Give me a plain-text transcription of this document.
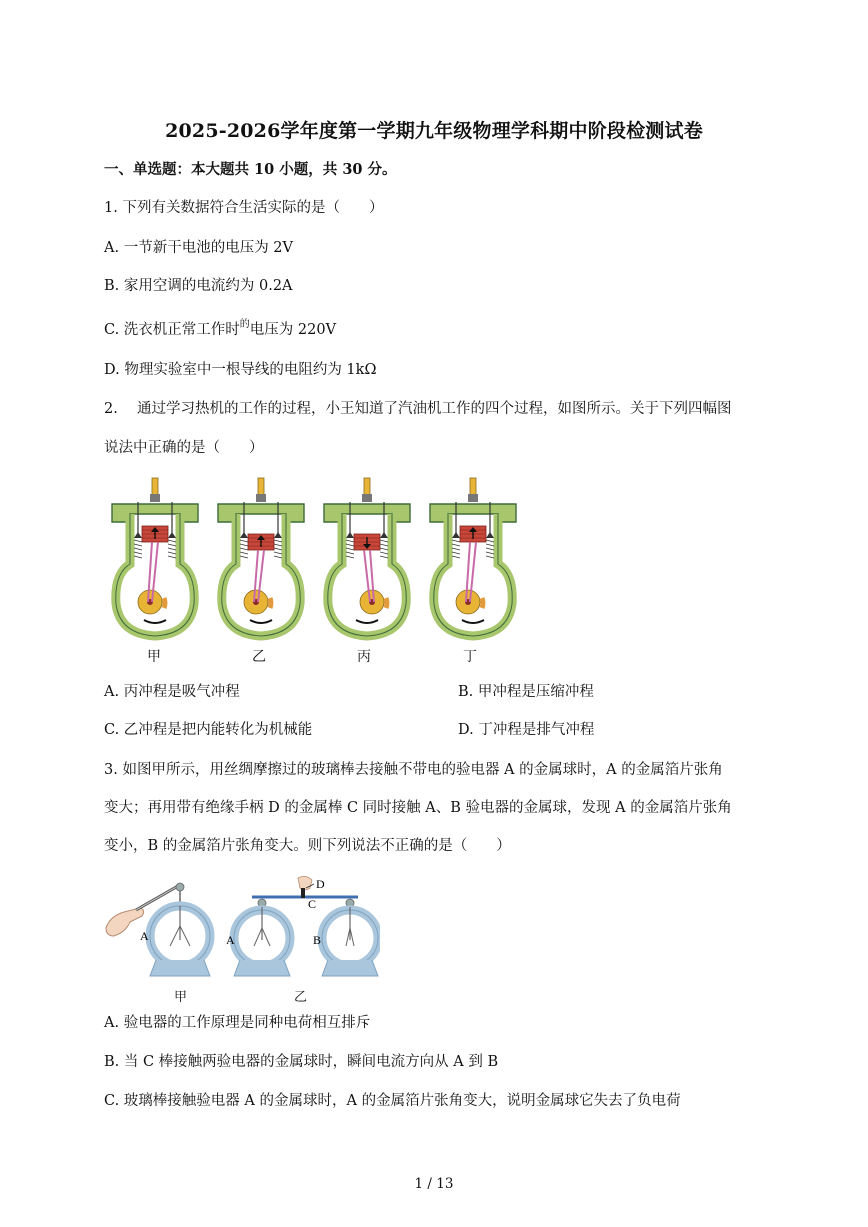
2025-2026学年度第一学期九年级物理学科期中阶段检测试卷
一、单选题：本大题共 10 小题，共 30 分。
1. 下列有关数据符合生活实际的是（　　）
A. 一节新干电池的电压为 2V
B. 家用空调的电流约为 0.2A
C. 洗衣机正常工作时$^的$电压为 220V
D. 物理实验室中一根导线的电阻约为 1kΩ
2.　 通过学习热机的工作的过程，小王知道了汽油机工作的四个过程，如图所示。关于下列四幅图
说法中正确的是（　　）
甲	乙	丙	丁
A. 丙冲程是吸气冲程	B. 甲冲程是压缩冲程
C. 乙冲程是把内能转化为机械能	D. 丁冲程是排气冲程
3. 如图甲所示，用丝绸摩擦过的玻璃棒去接触不带电的验电器 A 的金属球时，A 的金属箔片张角
变大；再用带有绝缘手柄 D 的金属棒 C 同时接触 A、B 验电器的金属球，发现 A 的金属箔片张角
变小，B 的金属箔片张角变大。则下列说法不正确的是（　　）
A	A	B
C
D
甲	乙
A. 验电器的工作原理是同种电荷相互排斥
B. 当 C 棒接触两验电器的金属球时，瞬间电流方向从 A 到 B
C. 玻璃棒接触验电器 A 的金属球时，A 的金属箔片张角变大，说明金属球它失去了负电荷
1 / 13
